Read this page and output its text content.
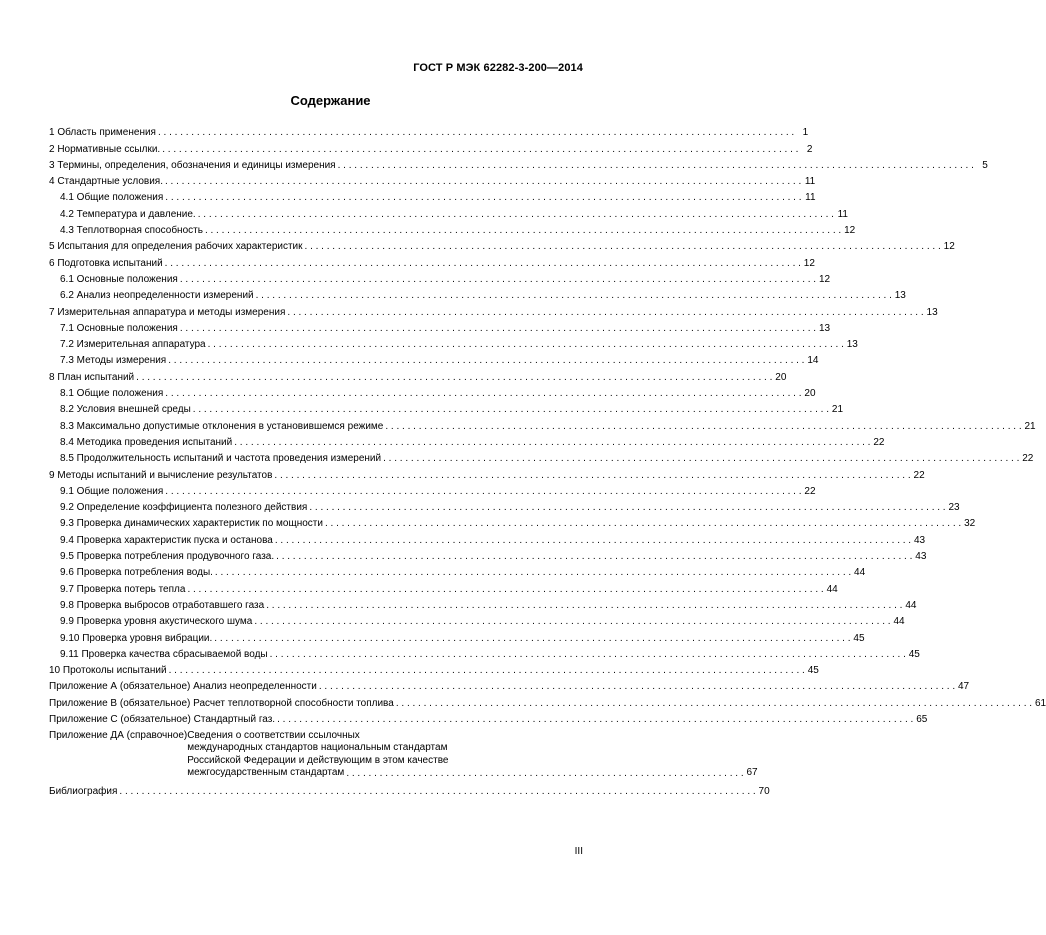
ГОСТ Р МЭК 62282-3-200—2014
Содержание
1 Область применения . . .	1
2 Нормативные ссылки. . . .	2
3 Термины, определения, обозначения и единицы измерения . . .	5
4 Стандартные условия. . . .	11
4.1 Общие положения . . .	11
4.2 Температура и давление. . . .	11
4.3 Теплотворная способность . . .	12
5 Испытания для определения рабочих характеристик . . .	12
6 Подготовка испытаний . . .	12
6.1 Основные положения . . .	12
6.2 Анализ неопределенности измерений . . .	13
7 Измерительная аппаратура и методы измерения . . .	13
7.1 Основные положения . . .	13
7.2 Измерительная аппаратура . . .	13
7.3 Методы измерения . . .	14
8 План испытаний . . .	20
8.1 Общие положения . . .	20
8.2 Условия внешней среды . . .	21
8.3 Максимально допустимые отклонения в установившемся режиме . . .	21
8.4 Методика проведения испытаний . . .	22
8.5 Продолжительность испытаний и частота проведения измерений . . .	22
9 Методы испытаний и вычисление результатов . . .	22
9.1 Общие положения . . .	22
9.2 Определение коэффициента полезного действия . . .	23
9.3 Проверка динамических характеристик по мощности . . .	32
9.4 Проверка характеристик пуска и останова . . .	43
9.5 Проверка потребления продувочного газа. . . .	43
9.6 Проверка потребления воды. . . .	44
9.7 Проверка потерь тепла . . .	44
9.8 Проверка выбросов отработавшего газа . . .	44
9.9 Проверка уровня акустического шума . . .	44
9.10 Проверка уровня вибрации. . . .	45
9.11 Проверка качества сбрасываемой воды . . .	45
10 Протоколы испытаний . . .	45
Приложение А (обязательное) Анализ неопределенности . . .	47
Приложение В (обязательное) Расчет теплотворной способности топлива . . .	61
Приложение С (обязательное) Стандартный газ. . . .	65
Приложение ДА (справочное) Сведения о соответствии ссылочных
международных стандартов национальным стандартам
Российской Федерации и действующим в этом качестве
межгосударственным стандартам . . .	67
Библиография . . .	70
III
